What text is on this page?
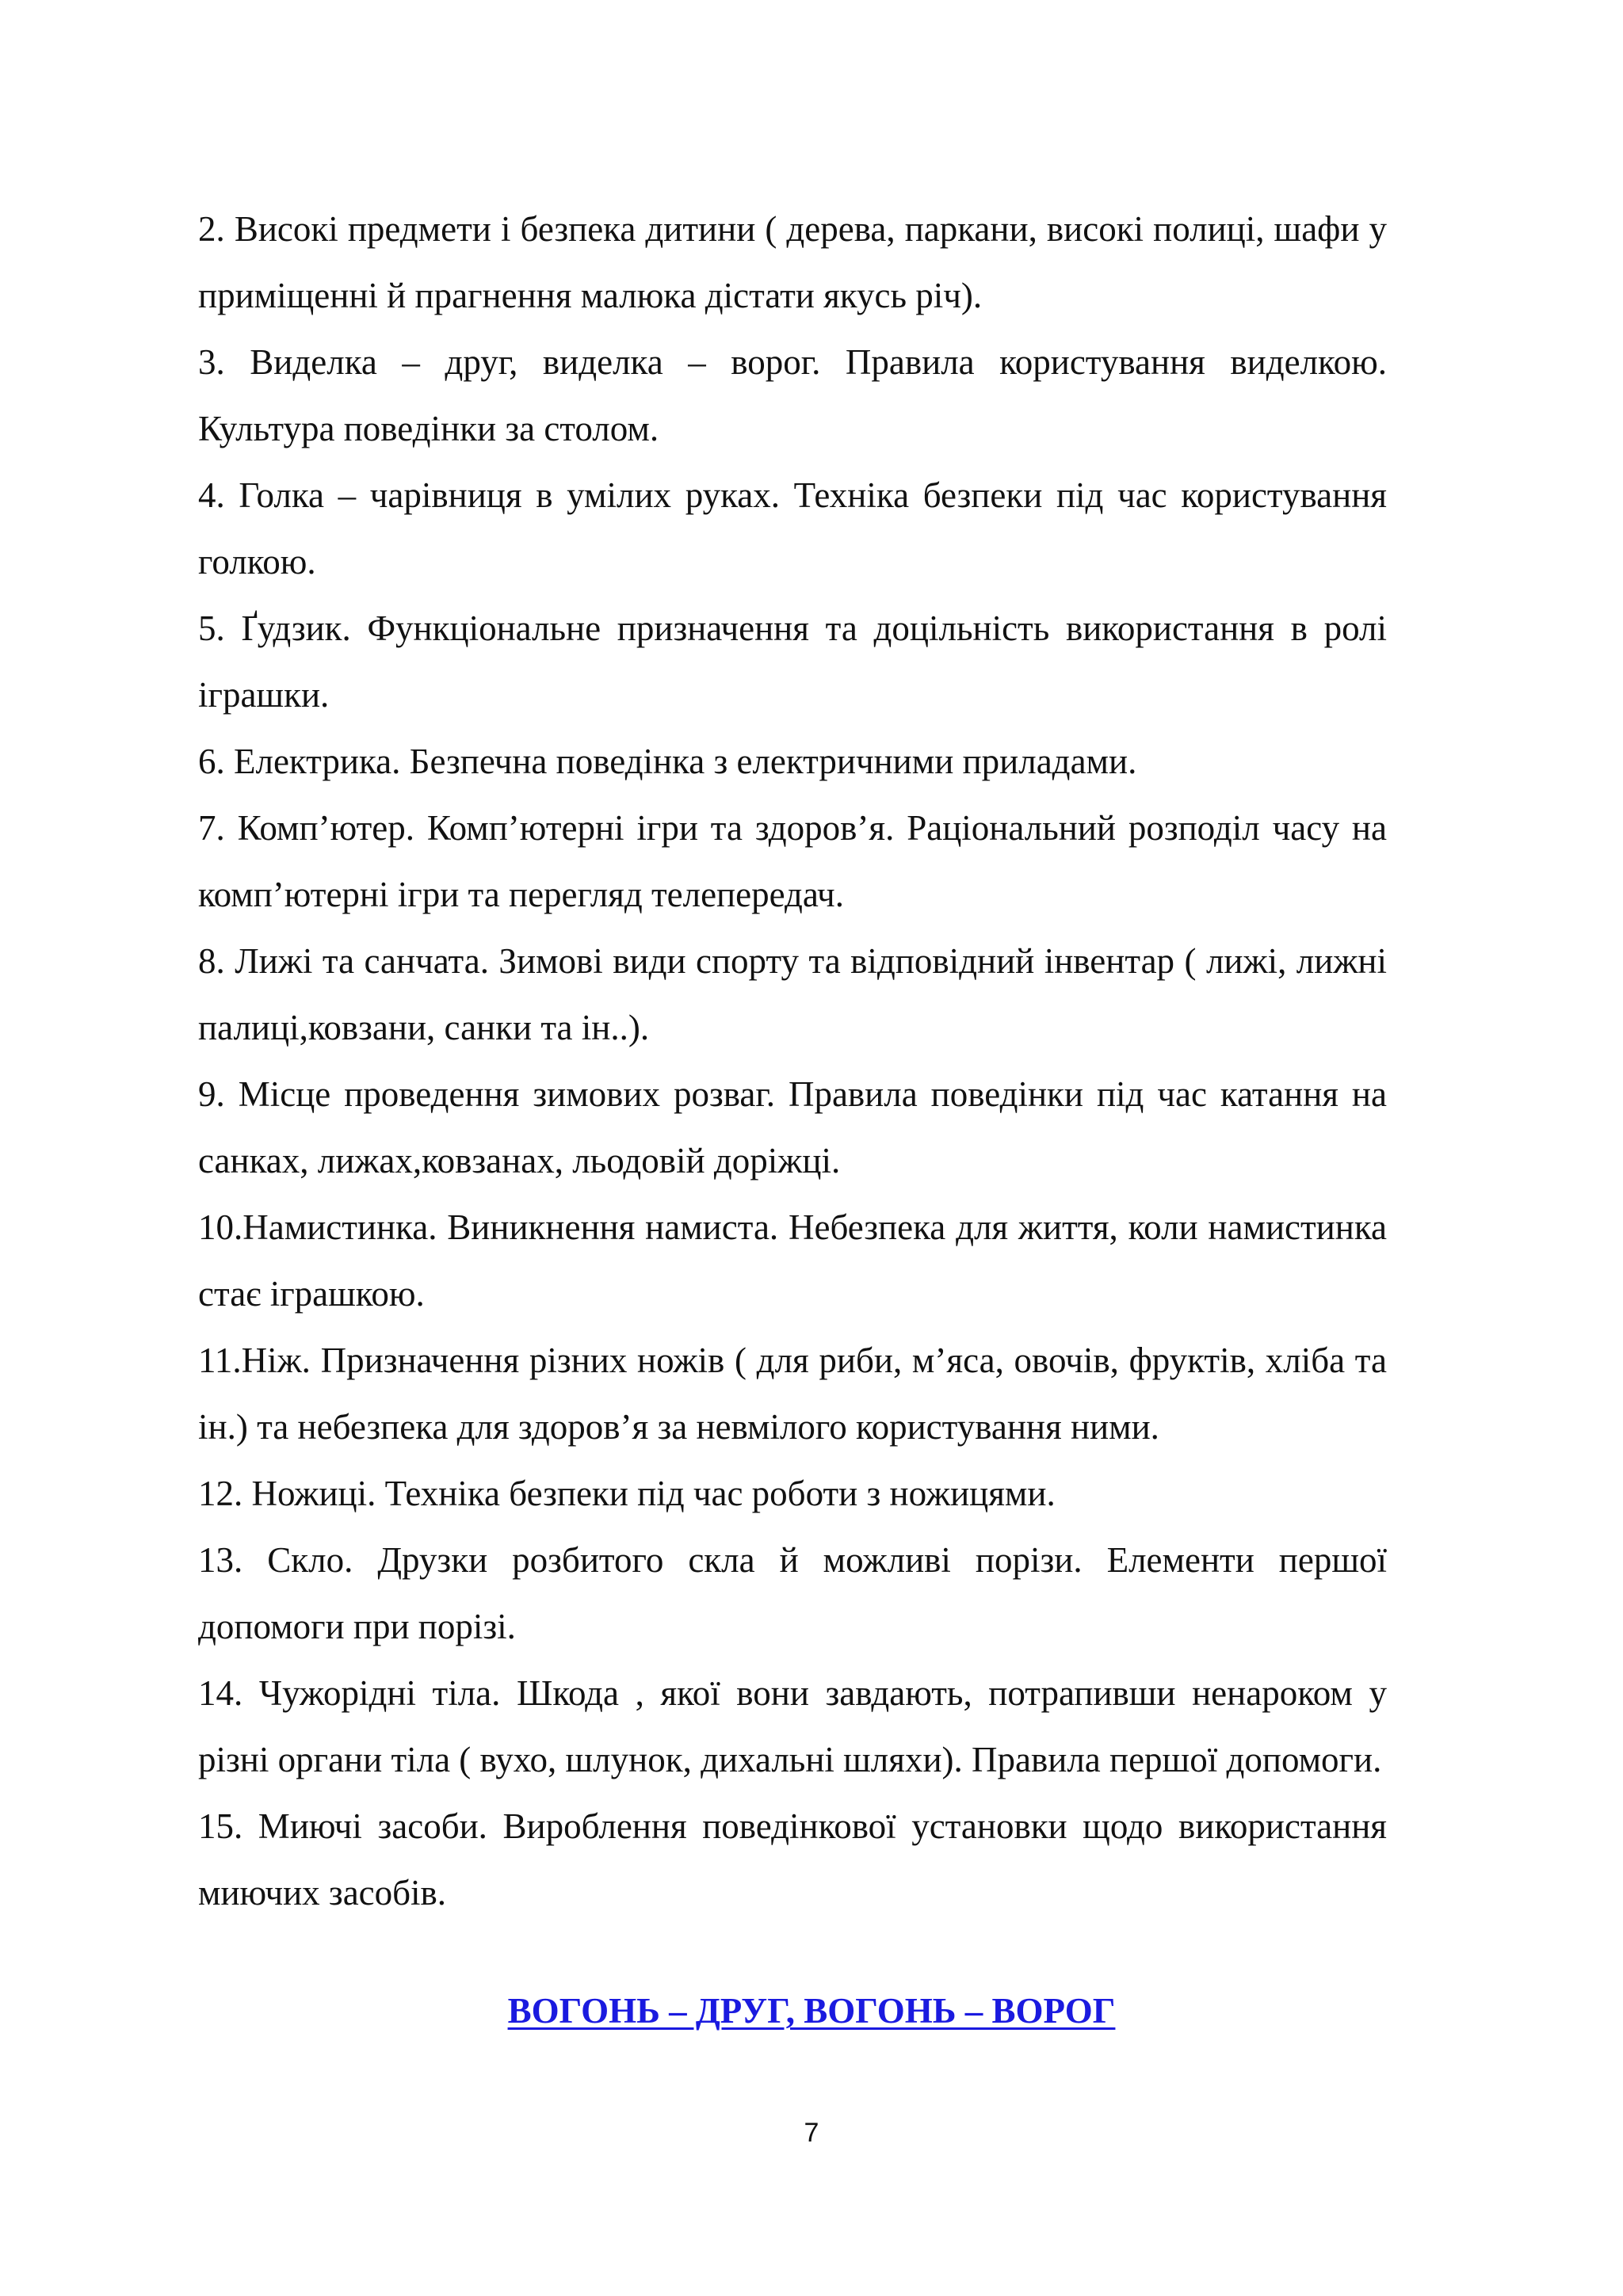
2. Високі предмети і безпека дитини ( дерева, паркани, високі полиці, шафи у приміщенні й прагнення малюка дістати якусь річ).

3. Виделка – друг, виделка – ворог. Правила користування виделкою. Культура поведінки за столом.

4. Голка – чарівниця в умілих руках. Техніка безпеки під час користування голкою.

5. Ґудзик. Функціональне призначення та доцільність використання в ролі іграшки.

6. Електрика. Безпечна поведінка з електричними приладами.

7. Комп’ютер. Комп’ютерні ігри та здоров’я. Раціональний розподіл часу на комп’ютерні ігри та перегляд телепередач.

8. Лижі та санчата. Зимові види спорту та відповідний інвентар ( лижі, лижні палиці,ковзани, санки та ін..).

9. Місце проведення зимових розваг. Правила поведінки під час катання на санках, лижах,ковзанах, льодовій доріжці.

10.Намистинка. Виникнення намиста. Небезпека для життя, коли намистинка стає іграшкою.

11.Ніж. Призначення різних ножів ( для риби, м’яса, овочів, фруктів, хліба та ін.) та небезпека для здоров’я за невмілого користування ними.

12. Ножиці. Техніка безпеки під час роботи з ножицями.

13. Скло. Друзки розбитого скла й можливі порізи. Елементи першої допомоги при порізі.

14. Чужорідні тіла. Шкода , якої вони завдають, потрапивши ненароком у різні органи тіла ( вухо, шлунок, дихальні шляхи). Правила першої допомоги.

15. Миючі засоби. Вироблення поведінкової установки щодо використання миючих засобів.

ВОГОНЬ – ДРУГ, ВОГОНЬ – ВОРОГ
7
